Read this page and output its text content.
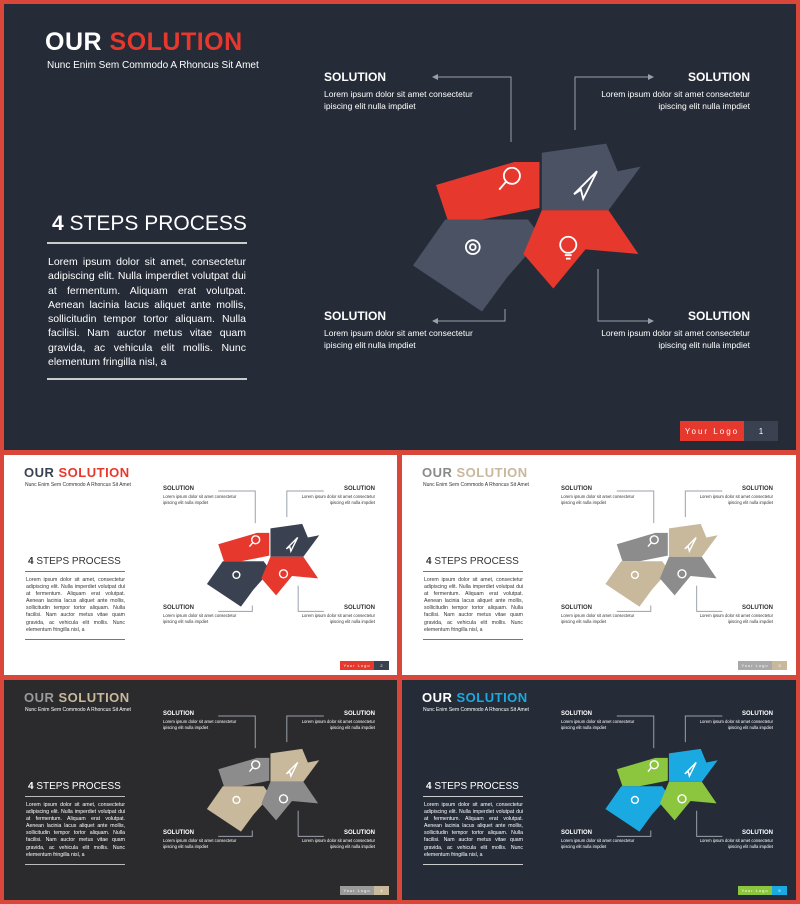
OUR SOLUTION
Nunc Enim Sem Commodo A Rhoncus Sit Amet
4 STEPS PROCESS
Lorem ipsum dolor sit amet, consectetur adipiscing elit. Nulla imperdiet volutpat dui at fermentum. Aliquam erat volutpat. Aenean lacinia lacus aliquet ante mollis, sollicitudin tempor tortor aliquam. Nulla facilisi. Nam auctor metus vitae quam gravida, ac vehicula elit mollis. Nunc elementum fringilla nisl, a
SOLUTION

Lorem ipsum dolor sit amet consectetur ipiscing elit nulla impdiet

SOLUTION

Lorem ipsum dolor sit amet consectetur ipiscing elit nulla impdiet

SOLUTION

Lorem ipsum dolor sit amet consectetur ipiscing elit nulla impdiet

SOLUTION

Lorem ipsum dolor sit amet consectetur ipiscing elit nulla impdiet

Your Logo	1
OUR SOLUTION
Nunc Enim Sem Commodo A Rhoncus Sit Amet
4 STEPS PROCESS
Lorem ipsum dolor sit amet, consectetur adipiscing elit. Nulla imperdiet volutpat dui at fermentum. Aliquam erat volutpat. Aenean lacinia lacus aliquet ante mollis, sollicitudin tempor tortor aliquam. Nulla facilisi. Nam auctor metus vitae quam gravida, ac vehicula elit mollis. Nunc elementum fringilla nisl, a
SOLUTION

Lorem ipsum dolor sit amet consectetur ipiscing elit nulla impdiet

SOLUTION

Lorem ipsum dolor sit amet consectetur ipiscing elit nulla impdiet

SOLUTION

Lorem ipsum dolor sit amet consectetur ipiscing elit nulla impdiet

SOLUTION

Lorem ipsum dolor sit amet consectetur ipiscing elit nulla impdiet

Your Logo	2
OUR SOLUTION
Nunc Enim Sem Commodo A Rhoncus Sit Amet
4 STEPS PROCESS
Lorem ipsum dolor sit amet, consectetur adipiscing elit. Nulla imperdiet volutpat dui at fermentum. Aliquam erat volutpat. Aenean lacinia lacus aliquet ante mollis, sollicitudin tempor tortor aliquam. Nulla facilisi. Nam auctor metus vitae quam gravida, ac vehicula elit mollis. Nunc elementum fringilla nisl, a
SOLUTION

Lorem ipsum dolor sit amet consectetur ipiscing elit nulla impdiet

SOLUTION

Lorem ipsum dolor sit amet consectetur ipiscing elit nulla impdiet

SOLUTION

Lorem ipsum dolor sit amet consectetur ipiscing elit nulla impdiet

SOLUTION

Lorem ipsum dolor sit amet consectetur ipiscing elit nulla impdiet

Your Logo	3
OUR SOLUTION
Nunc Enim Sem Commodo A Rhoncus Sit Amet
4 STEPS PROCESS
Lorem ipsum dolor sit amet, consectetur adipiscing elit. Nulla imperdiet volutpat dui at fermentum. Aliquam erat volutpat. Aenean lacinia lacus aliquet ante mollis, sollicitudin tempor tortor aliquam. Nulla facilisi. Nam auctor metus vitae quam gravida, ac vehicula elit mollis. Nunc elementum fringilla nisl, a
SOLUTION

Lorem ipsum dolor sit amet consectetur ipiscing elit nulla impdiet

SOLUTION

Lorem ipsum dolor sit amet consectetur ipiscing elit nulla impdiet

SOLUTION

Lorem ipsum dolor sit amet consectetur ipiscing elit nulla impdiet

SOLUTION

Lorem ipsum dolor sit amet consectetur ipiscing elit nulla impdiet

Your Logo	4
OUR SOLUTION
Nunc Enim Sem Commodo A Rhoncus Sit Amet
4 STEPS PROCESS
Lorem ipsum dolor sit amet, consectetur adipiscing elit. Nulla imperdiet volutpat dui at fermentum. Aliquam erat volutpat. Aenean lacinia lacus aliquet ante mollis, sollicitudin tempor tortor aliquam. Nulla facilisi. Nam auctor metus vitae quam gravida, ac vehicula elit mollis. Nunc elementum fringilla nisl, a
SOLUTION

Lorem ipsum dolor sit amet consectetur ipiscing elit nulla impdiet

SOLUTION

Lorem ipsum dolor sit amet consectetur ipiscing elit nulla impdiet

SOLUTION

Lorem ipsum dolor sit amet consectetur ipiscing elit nulla impdiet

SOLUTION

Lorem ipsum dolor sit amet consectetur ipiscing elit nulla impdiet

Your Logo	5
